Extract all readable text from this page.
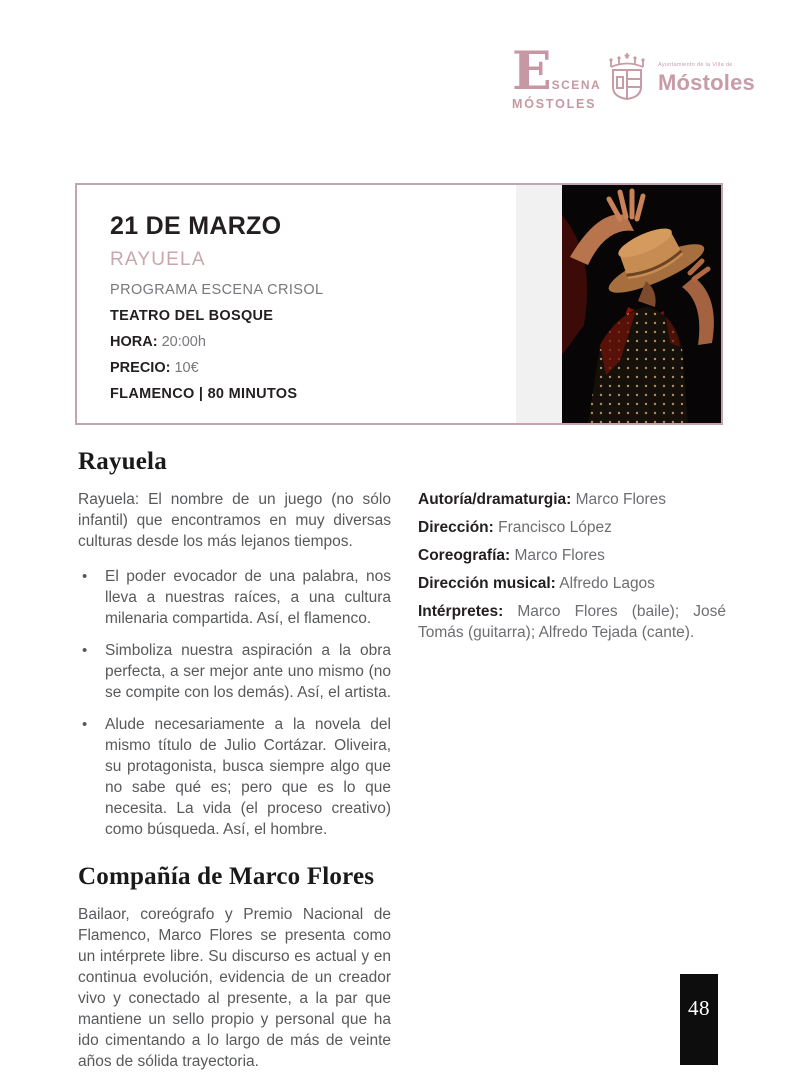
E SCENA
MÓSTOLES
Ayuntamiento de la Villa de
Móstoles
21 DE MARZO
RAYUELA
PROGRAMA ESCENA CRISOL
TEATRO DEL BOSQUE
HORA: 20:00h
PRECIO: 10€
FLAMENCO | 80 MINUTOS
Rayuela

Rayuela: El nombre de un juego (no sólo infantil) que encontramos en muy diversas culturas desde los más lejanos tiempos.

• El poder evocador de una palabra, nos lleva a nuestras raíces, a una cultura milenaria compartida. Así, el flamenco.
• Simboliza nuestra aspiración a la obra perfecta, a ser mejor ante uno mismo (no se compite con los demás). Así, el artista.
• Alude necesariamente a la novela del mismo título de Julio Cortázar. Oliveira, su protagonista, busca siempre algo que no sabe qué es; pero que es lo que necesita. La vida (el proceso creativo) como búsqueda. Así, el hombre.
Compañía de Marco Flores

Bailaor, coreógrafo y Premio Nacional de Flamenco, Marco Flores se presenta como un intérprete libre. Su discurso es actual y en continua evolución, evidencia de un creador vivo y conectado al presente, a la par que mantiene un sello propio y personal que ha ido cimentando a lo largo de más de veinte años de sólida trayectoria.

Autoría/dramaturgia: Marco Flores

Dirección: Francisco López

Coreografía: Marco Flores

Dirección musical: Alfredo Lagos

Intérpretes: Marco Flores (baile); José Tomás (guitarra); Alfredo Tejada (cante).

48
